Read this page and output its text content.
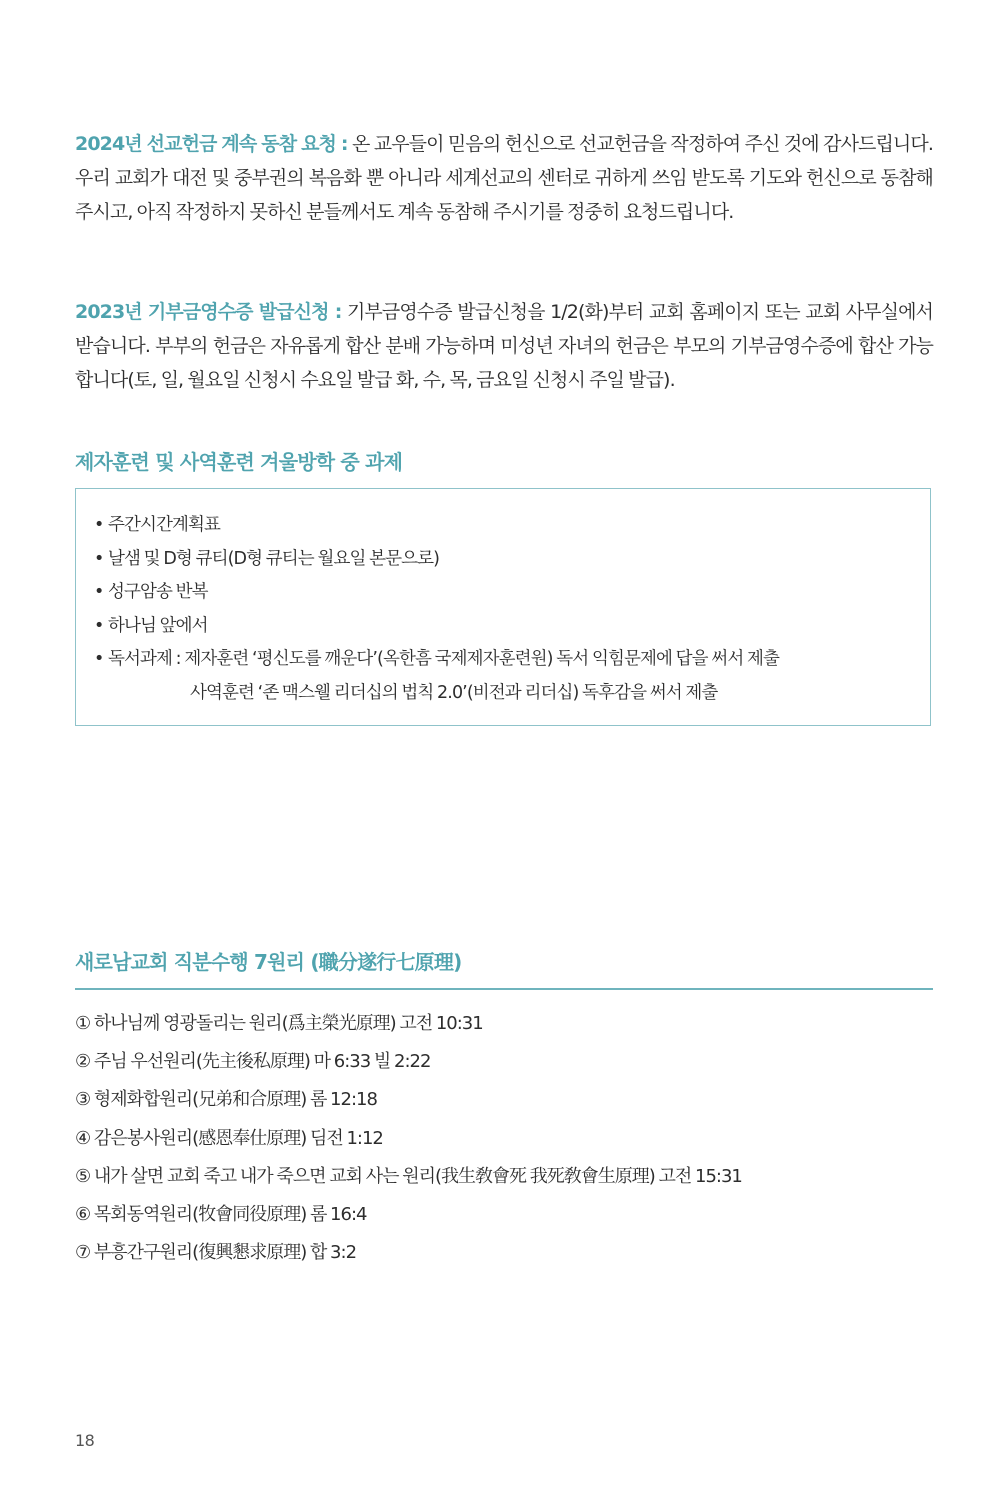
2024년 선교헌금 계속 동참 요청 : 온 교우들이 믿음의 헌신으로 선교헌금을 작정하여 주신 것에 감사드립니다. 우리 교회가 대전 및 중부권의 복음화 뿐 아니라 세계선교의 센터로 귀하게 쓰임 받도록 기도와 헌신으로 동참해주시고, 아직 작정하지 못하신 분들께서도 계속 동참해 주시기를 정중히 요청드립니다.

2023년 기부금영수증 발급신청 : 기부금영수증 발급신청을 1/2(화)부터 교회 홈페이지 또는 교회 사무실에서 받습니다. 부부의 헌금은 자유롭게 합산 분배 가능하며 미성년 자녀의 헌금은 부모의 기부금영수증에 합산 가능합니다(토, 일, 월요일 신청시 수요일 발급 화, 수, 목, 금요일 신청시 주일 발급).

제자훈련 및 사역훈련 겨울방학 중 과제
• 주간시간계획표
• 날샘 및 D형 큐티(D형 큐티는 월요일 본문으로)
• 성구암송 반복
• 하나님 앞에서
• 독서과제 : 제자훈련 ‘평신도를 깨운다’(옥한흠 국제제자훈련원) 독서 익힘문제에 답을 써서 제출
사역훈련 ‘존 맥스웰 리더십의 법칙 2.0’(비전과 리더십) 독후감을 써서 제출
새로남교회 직분수행 7원리 (職分遂行七原理)
① 하나님께 영광돌리는 원리(爲主榮光原理) 고전 10:31
② 주님 우선원리(先主後私原理) 마 6:33 빌 2:22
③ 형제화합원리(兄弟和合原理) 롬 12:18
④ 감은봉사원리(感恩奉仕原理) 딤전 1:12
⑤ 내가 살면 교회 죽고 내가 죽으면 교회 사는 원리(我生敎會死 我死敎會生原理) 고전 15:31
⑥ 목회동역원리(牧會同役原理) 롬 16:4
⑦ 부흥간구원리(復興懇求原理) 합 3:2
18
